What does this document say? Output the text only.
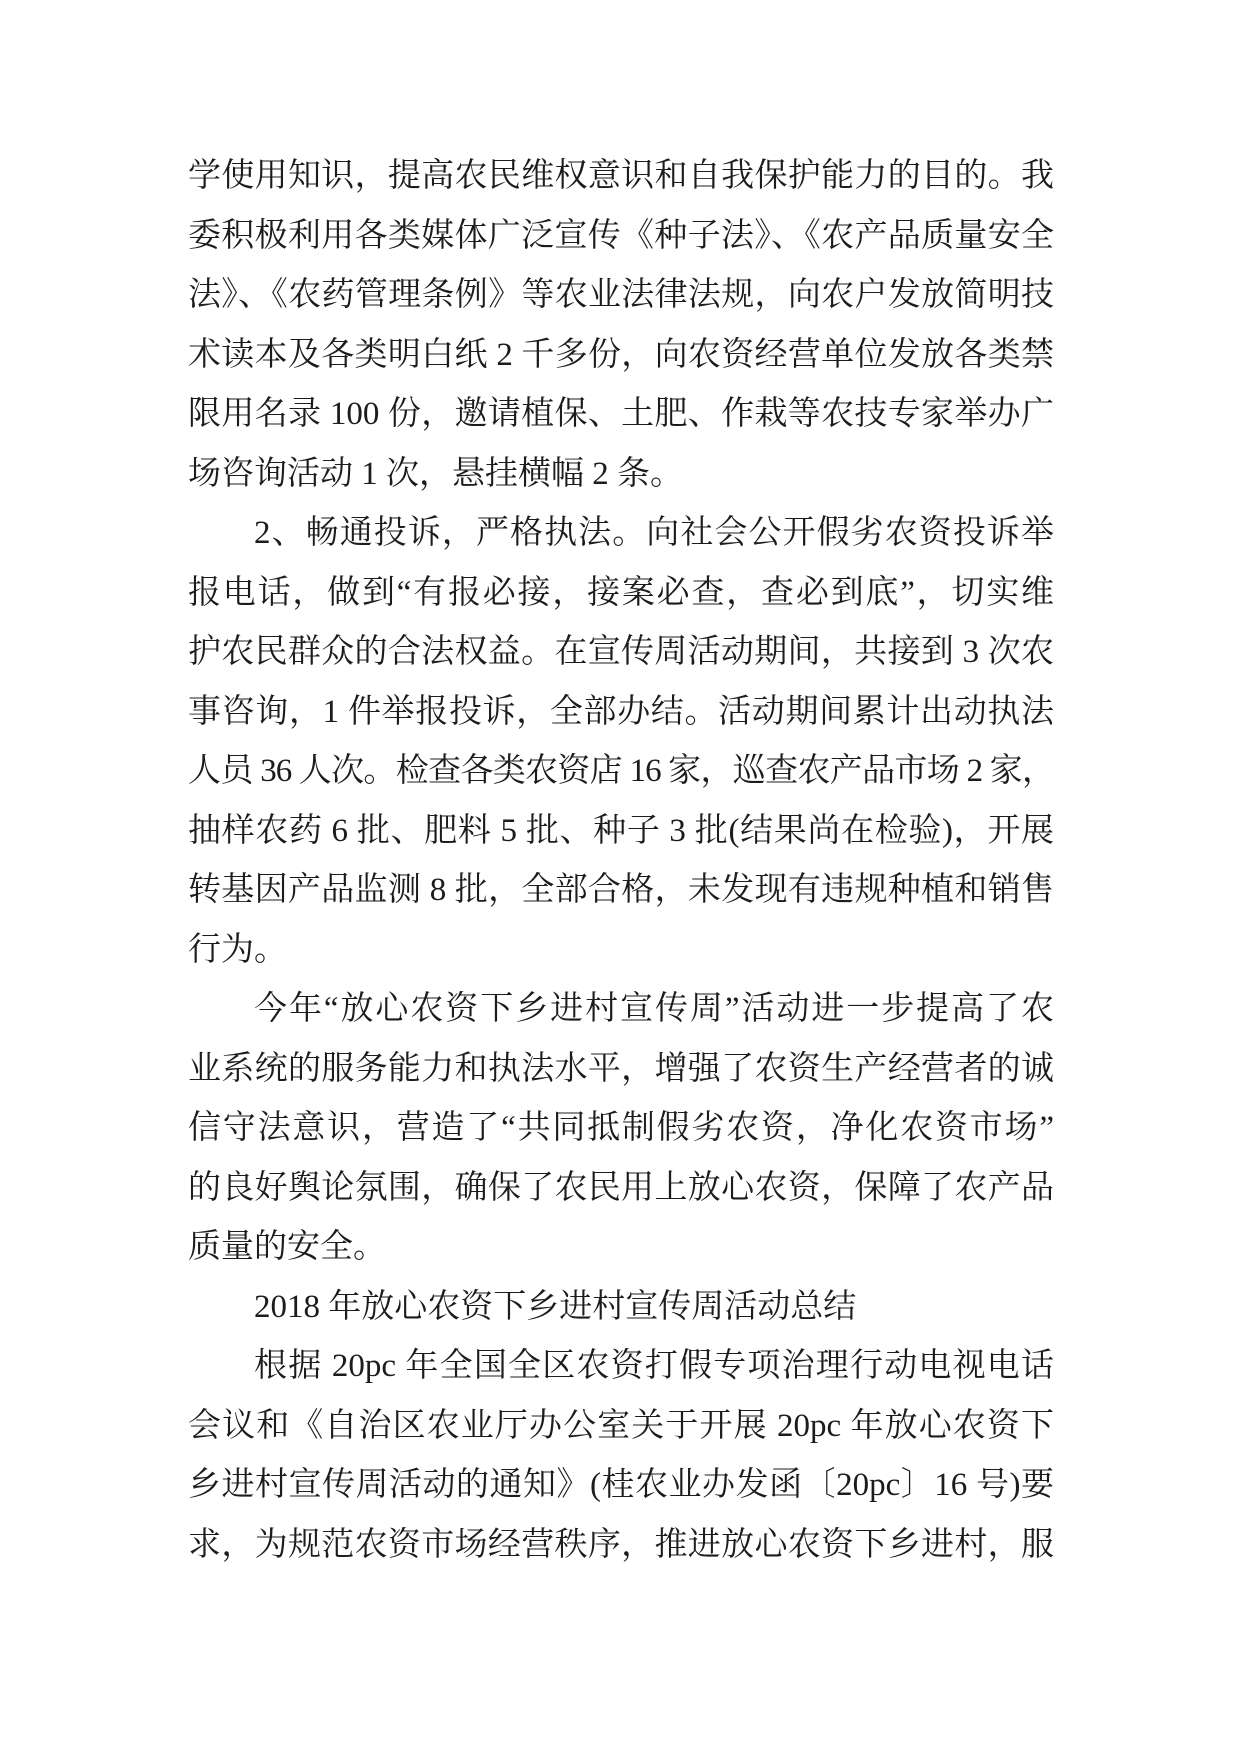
学使用知识，提高农民维权意识和自我保护能力的目的。我
委积极利用各类媒体广泛宣传《种子法》、《农产品质量安全
法》、《农药管理条例》等农业法律法规，向农户发放简明技
术读本及各类明白纸 2 千多份，向农资经营单位发放各类禁
限用名录 100 份，邀请植保、土肥、作栽等农技专家举办广
场咨询活动 1 次，悬挂横幅 2 条。
2、畅通投诉，严格执法。向社会公开假劣农资投诉举
报电话，做到“有报必接，接案必查，查必到底”，切实维
护农民群众的合法权益。在宣传周活动期间，共接到 3 次农
事咨询，1 件举报投诉，全部办结。活动期间累计出动执法
人员 36 人次。检查各类农资店 16 家，巡查农产品市场 2 家，
抽样农药 6 批、肥料 5 批、种子 3 批(结果尚在检验)，开展
转基因产品监测 8 批，全部合格，未发现有违规种植和销售
行为。
今年“放心农资下乡进村宣传周”活动进一步提高了农
业系统的服务能力和执法水平，增强了农资生产经营者的诚
信守法意识，营造了“共同抵制假劣农资，净化农资市场”
的良好舆论氛围，确保了农民用上放心农资，保障了农产品
质量的安全。
2018 年放心农资下乡进村宣传周活动总结
根据 20pc 年全国全区农资打假专项治理行动电视电话
会议和《自治区农业厅办公室关于开展 20pc 年放心农资下
乡进村宣传周活动的通知》(桂农业办发函〔20pc〕16 号)要
求，为规范农资市场经营秩序，推进放心农资下乡进村，服
